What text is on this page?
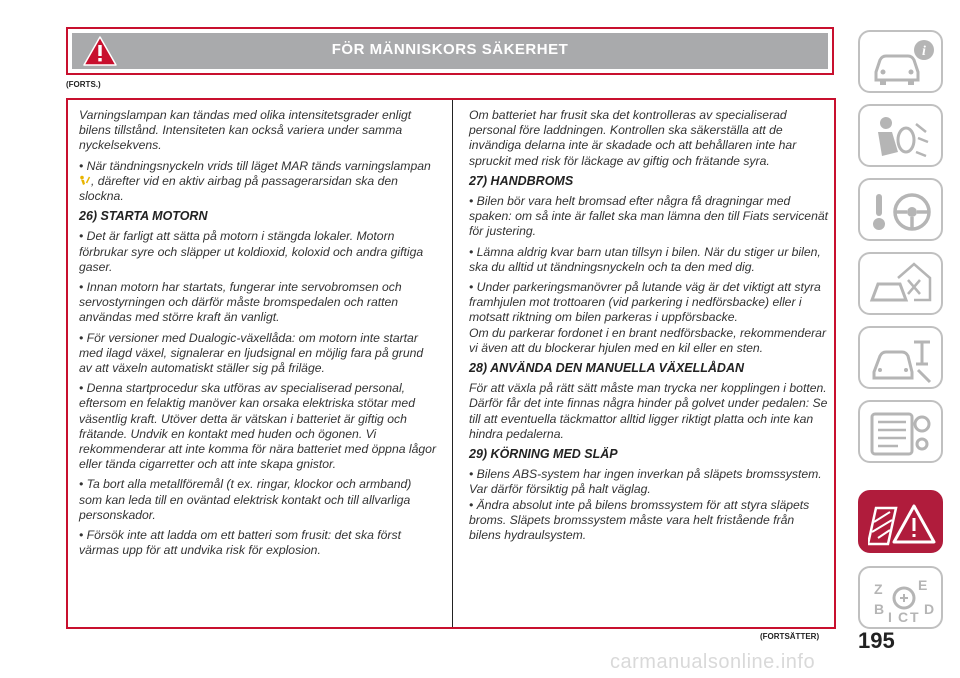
FÖR MÄNNISKORS SÄKERHET
(FORTS.)

Varningslampan kan tändas med olika intensitetsgrader enligt bilens tillstånd. Intensiteten kan också variera under samma nyckelsekvens.

• När tändningsnyckeln vrids till läget MAR tänds varningslampan, därefter vid en aktiv airbag på passagerarsidan ska den slockna.

26) STARTA MOTORN

• Det är farligt att sätta på motorn i stängda lokaler. Motorn förbrukar syre och släpper ut koldioxid, koloxid och andra giftiga gaser.

• Innan motorn har startats, fungerar inte servobromsen och servostyrningen och därför måste bromspedalen och ratten användas med större kraft än vanligt.

• För versioner med Dualogic-växellåda: om motorn inte startar med ilagd växel, signalerar en ljudsignal en möjlig fara på grund av att växeln automatiskt ställer sig på friläge.

• Denna startprocedur ska utföras av specialiserad personal, eftersom en felaktig manöver kan orsaka elektriska stötar med väsentlig kraft. Utöver detta är vätskan i batteriet är giftig och frätande. Undvik en kontakt med huden och ögonen. Vi rekommenderar att inte komma för nära batteriet med öppna lågor eller tända cigarretter och att inte skapa gnistor.

• Ta bort alla metallföremål (t ex. ringar, klockor och armband) som kan leda till en oväntad elektrisk kontakt och till allvarliga personskador.

• Försök inte att ladda om ett batteri som frusit: det ska först värmas upp för att undvika risk för explosion.

Om batteriet har frusit ska det kontrolleras av specialiserad personal före laddningen. Kontrollen ska säkerställa att de invändiga delarna inte är skadade och att behållaren inte har spruckit med risk för läckage av giftig och frätande syra.

27) HANDBROMS

• Bilen bör vara helt bromsad efter några få dragningar med spaken: om så inte är fallet ska man lämna den till Fiats servicenät för justering.

• Lämna aldrig kvar barn utan tillsyn i bilen. När du stiger ur bilen, ska du alltid ut tändningsnyckeln och ta den med dig.

• Under parkeringsmanövrer på lutande väg är det viktigt att styra framhjulen mot trottoaren (vid parkering i nedförsbacke) eller i motsatt riktning om bilen parkeras i uppförsbacke.

Om du parkerar fordonet i en brant nedförsbacke, rekommenderar vi även att du blockerar hjulen med en kil eller en sten.

28) ANVÄNDA DEN MANUELLA VÄXELLÅDAN

För att växla på rätt sätt måste man trycka ner kopplingen i botten. Därför får det inte finnas några hinder på golvet under pedalen: Se till att eventuella täckmattor alltid ligger riktigt platta och inte kan hindra pedalerna.

29) KÖRNING MED SLÄP

• Bilens ABS-system har ingen inverkan på släpets bromssystem. Var därför försiktig på halt väglag.

• Ändra absolut inte på bilens bromssystem för att styra släpets broms. Släpets bromssystem måste vara helt fristående från bilens hydraulsystem.

i
Z	E
B I C T D
(FORTSÄTTER) 195
carmanualsonline.info
